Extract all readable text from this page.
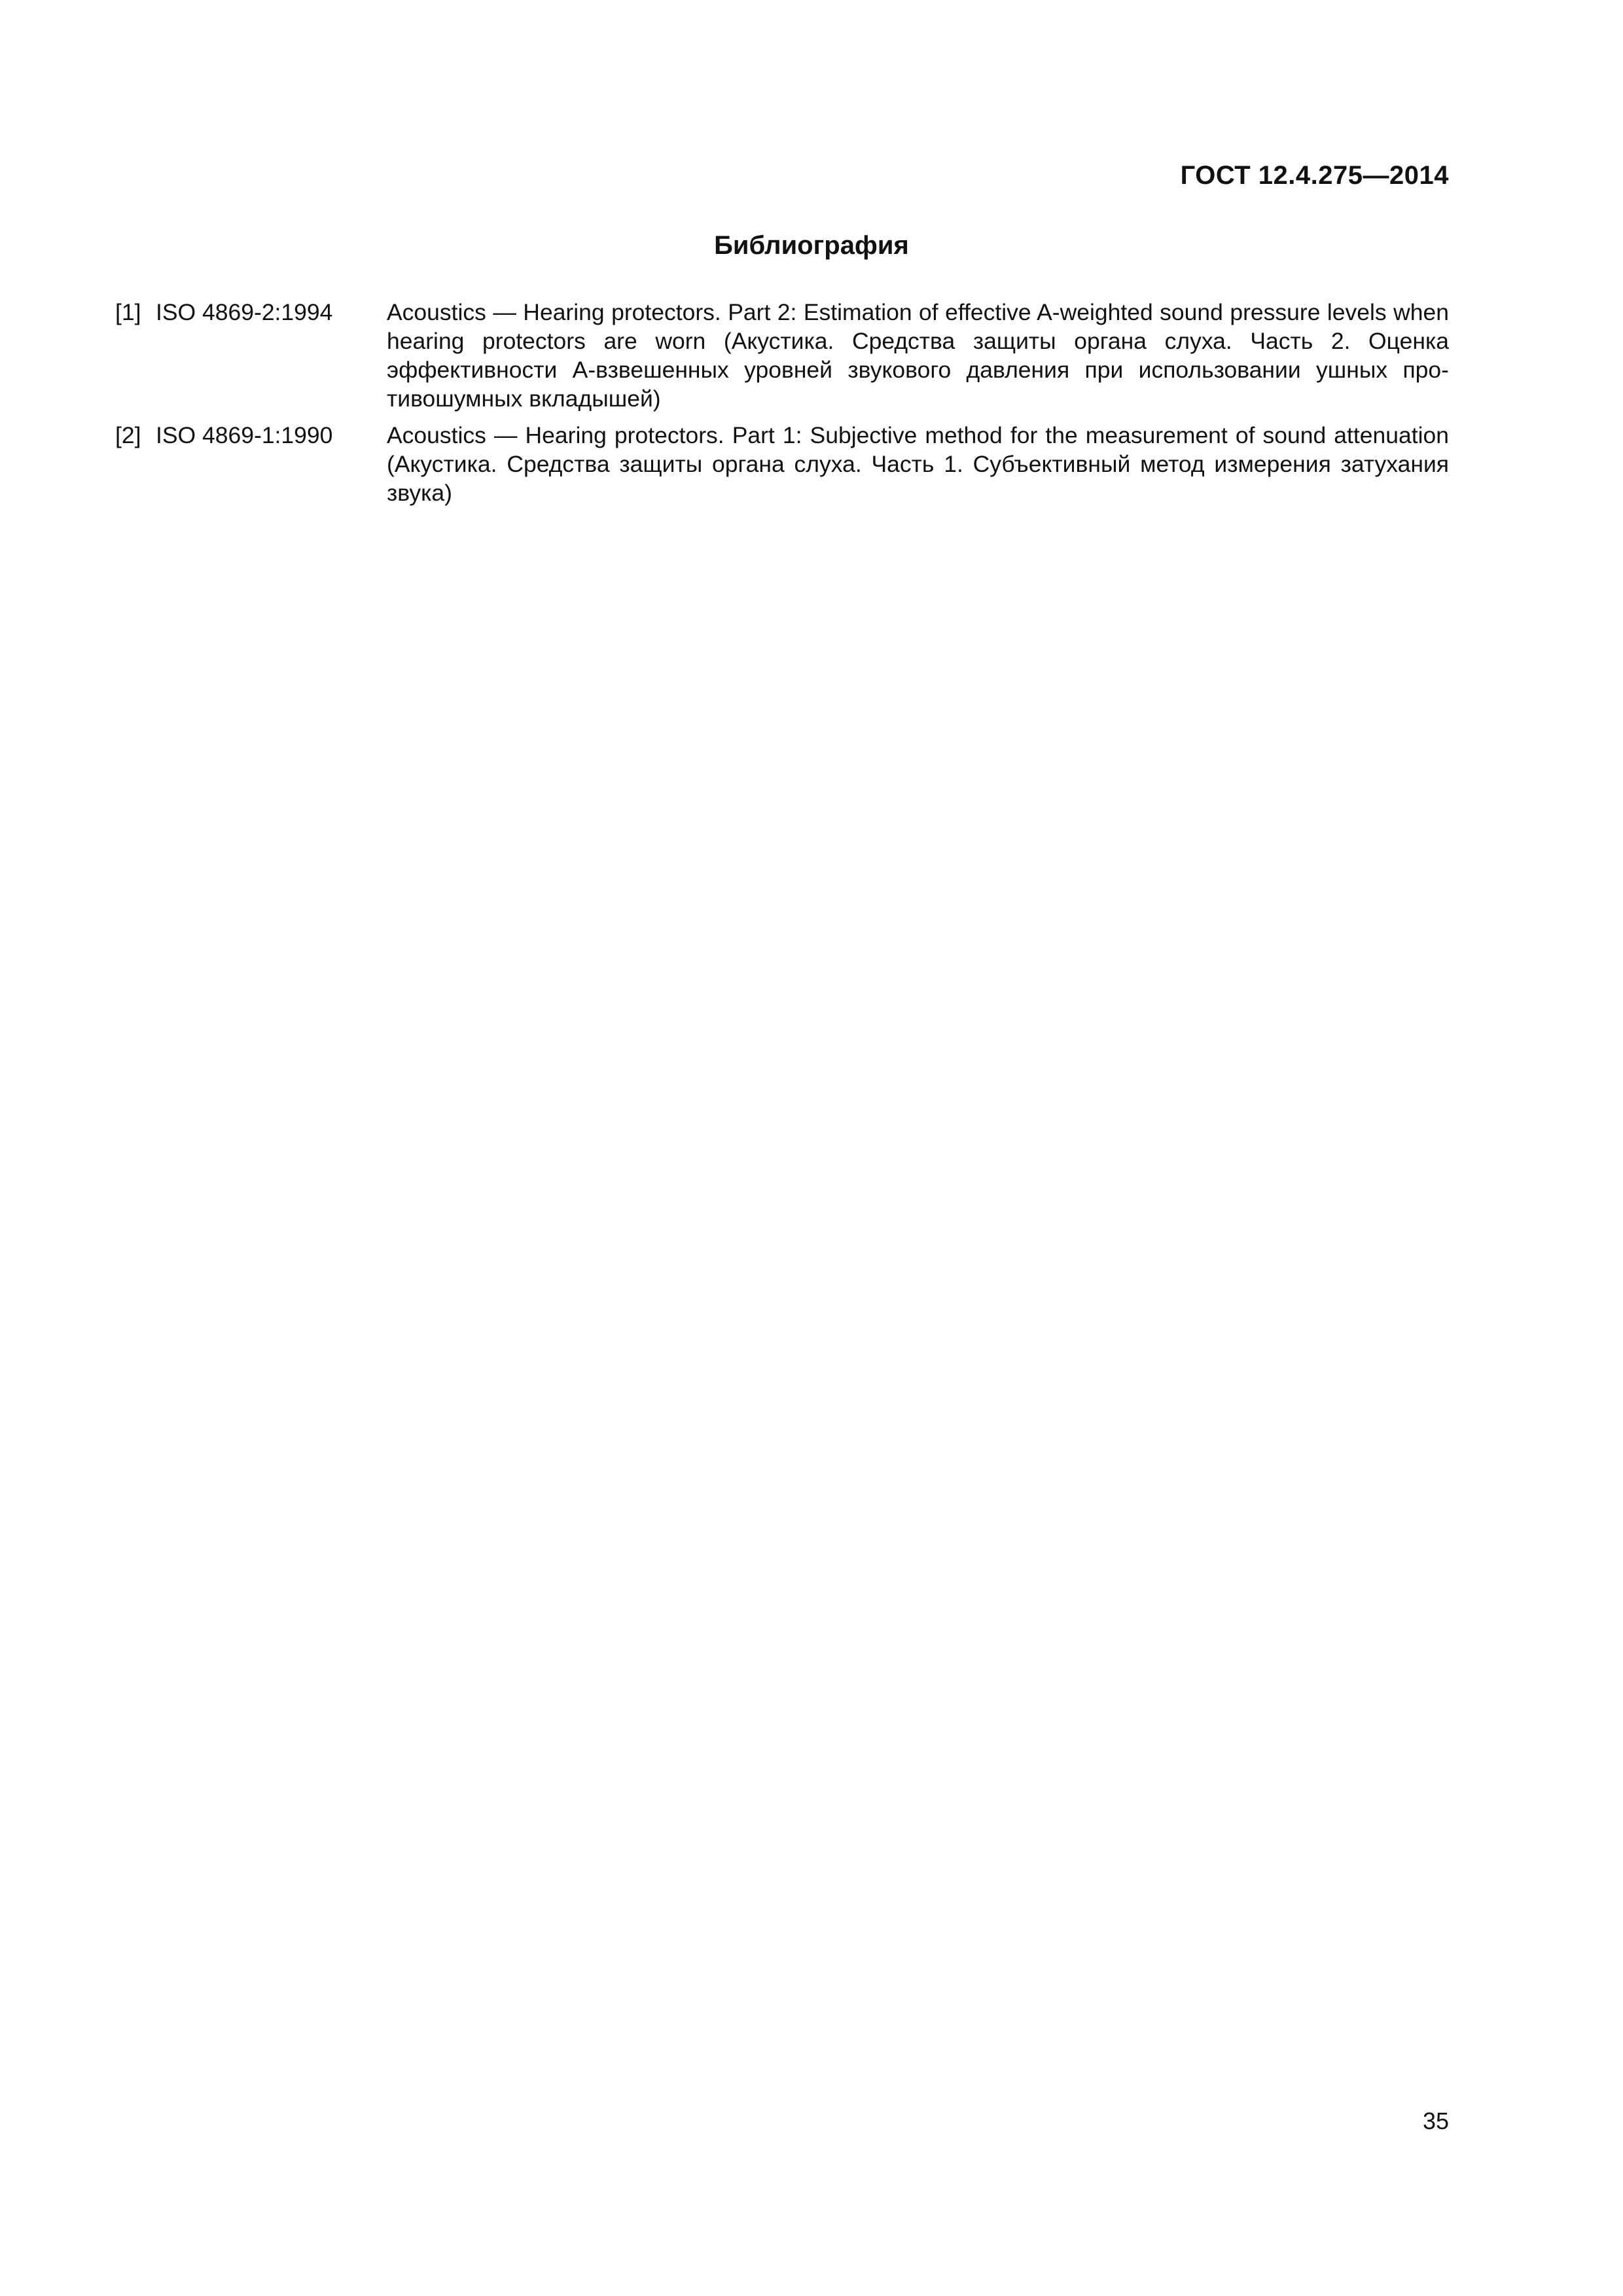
ГОСТ 12.4.275—2014
Библиография
[1] ISO 4869-2:1994	Acoustics — Hearing protectors. Part 2: Estimation of effective A-weighted sound pressure levels when hearing protectors are worn (Акустика. Средства защиты органа слуха. Часть 2. Оценка эффективности А-взвешенных уровней звукового давления при использовании ушных противошумных вкладышей)
[2] ISO 4869-1:1990	Acoustics — Hearing protectors. Part 1: Subjective method for the measurement of sound attenuation (Акустика. Средства защиты органа слуха. Часть 1. Субъективный метод измерения затухания звука)
35
